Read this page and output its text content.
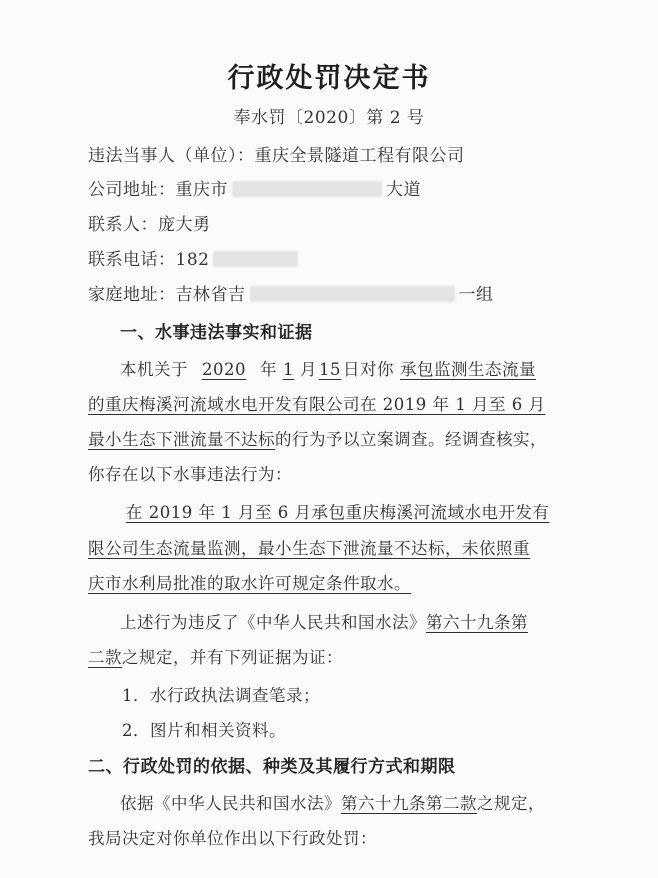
行政处罚决定书
奉水罚〔2020〕第 2 号
违法当事人（单位）：重庆全景隧道工程有限公司
公司地址：重庆市	大道
联系人：庞大勇
联系电话：182
家庭地址：吉林省吉	一组
一、水事违法事实和证据
本机关于 2020 年 1 月 15 日对你 承包监测生态流量
的重庆梅溪河流域水电开发有限公司在 2019 年 1 月至 6 月
最小生态下泄流量不达标的行为予以立案调查。经调查核实，
你存在以下水事违法行为：
在 2019 年 1 月至 6 月承包重庆梅溪河流域水电开发有
限公司生态流量监测，最小生态下泄流量不达标，未依照重
庆市水利局批准的取水许可规定条件取水。
上述行为违反了《中华人民共和国水法》第六十九条第
二款之规定，并有下列证据为证：
1．水行政执法调查笔录；
2．图片和相关资料。
二、行政处罚的依据、种类及其履行方式和期限
依据《中华人民共和国水法》第六十九条第二款之规定，
我局决定对你单位作出以下行政处罚：
